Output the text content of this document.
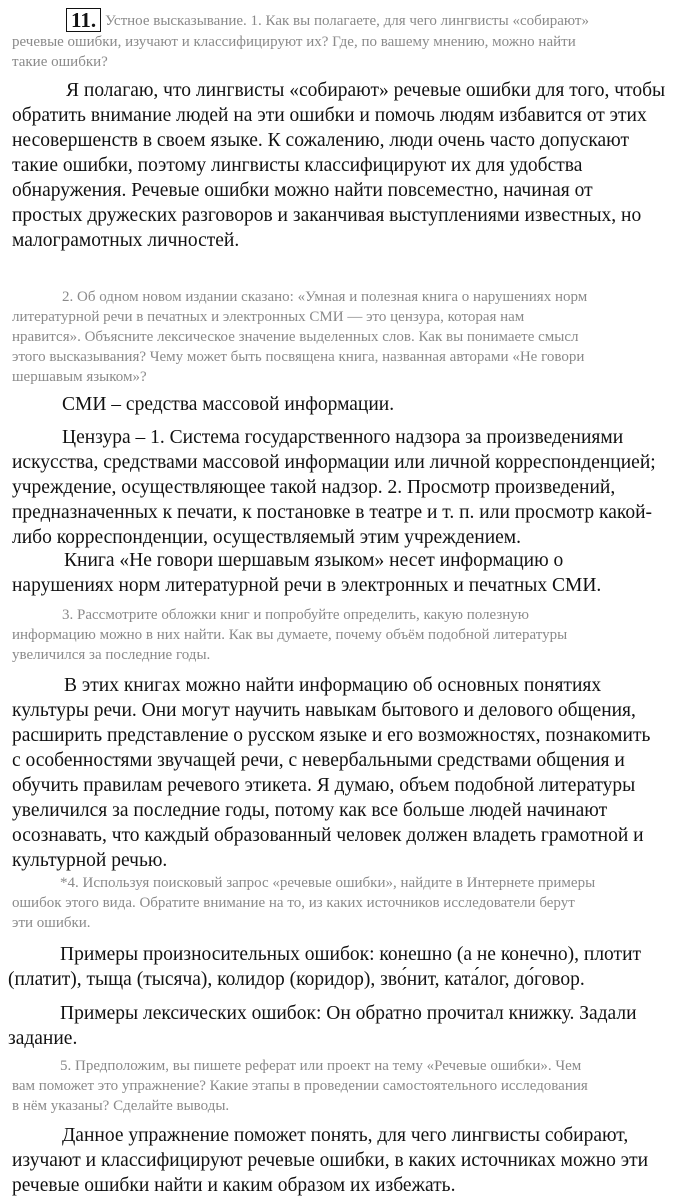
11. Устное высказывание. 1. Как вы полагаете, для чего лингвисты «собирают»
речевые ошибки, изучают и классифицируют их? Где, по вашему мнению, можно найти
такие ошибки?
Я полагаю, что лингвисты «собирают» речевые ошибки для того, чтобы
обратить внимание людей на эти ошибки и помочь людям избавится от этих
несовершенств в своем языке. К сожалению, люди очень часто допускают
такие ошибки, поэтому лингвисты классифицируют их для удобства
обнаружения. Речевые ошибки можно найти повсеместно, начиная от
простых дружеских разговоров и заканчивая выступлениями известных, но
малограмотных личностей.
2. Об одном новом издании сказано: «Умная и полезная книга о нарушениях норм
литературной речи в печатных и электронных СМИ — это цензура, которая нам
нравится». Объясните лексическое значение выделенных слов. Как вы понимаете смысл
этого высказывания? Чему может быть посвящена книга, названная авторами «Не говори
шершавым языком»?
СМИ – средства массовой информации.
Цензура – 1. Система государственного надзора за произведениями
искусства, средствами массовой информации или личной корреспонденцией;
учреждение, осуществляющее такой надзор. 2. Просмотр произведений,
предназначенных к печати, к постановке в театре и т. п. или просмотр какой-
либо корреспонденции, осуществляемый этим учреждением.
Книга «Не говори шершавым языком» несет информацию о
нарушениях норм литературной речи в электронных и печатных СМИ.
3. Рассмотрите обложки книг и попробуйте определить, какую полезную
информацию можно в них найти. Как вы думаете, почему объём подобной литературы
увеличился за последние годы.
В этих книгах можно найти информацию об основных понятиях
культуры речи. Они могут научить навыкам бытового и делового общения,
расширить представление о русском языке и его возможностях, познакомить
с особенностями звучащей речи, с невербальными средствами общения и
обучить правилам речевого этикета. Я думаю, объем подобной литературы
увеличился за последние годы, потому как все больше людей начинают
осознавать, что каждый образованный человек должен владеть грамотной и
культурной речью.
*4. Используя поисковый запрос «речевые ошибки», найдите в Интернете примеры
ошибок этого вида. Обратите внимание на то, из каких источников исследователи берут
эти ошибки.
Примеры произносительных ошибок: конешно (а не конечно), плотит
(платит), тыща (тысяча), колидор (коридор), зво́нит, ката́лог, до́говор.
Примеры лексических ошибок: Он обратно прочитал книжку. Задали
задание.
5. Предположим, вы пишете реферат или проект на тему «Речевые ошибки». Чем
вам поможет это упражнение? Какие этапы в проведении самостоятельного исследования
в нём указаны? Сделайте выводы.
Данное упражнение поможет понять, для чего лингвисты собирают,
изучают и классифицируют речевые ошибки, в каких источниках можно эти
речевые ошибки найти и каким образом их избежать.
